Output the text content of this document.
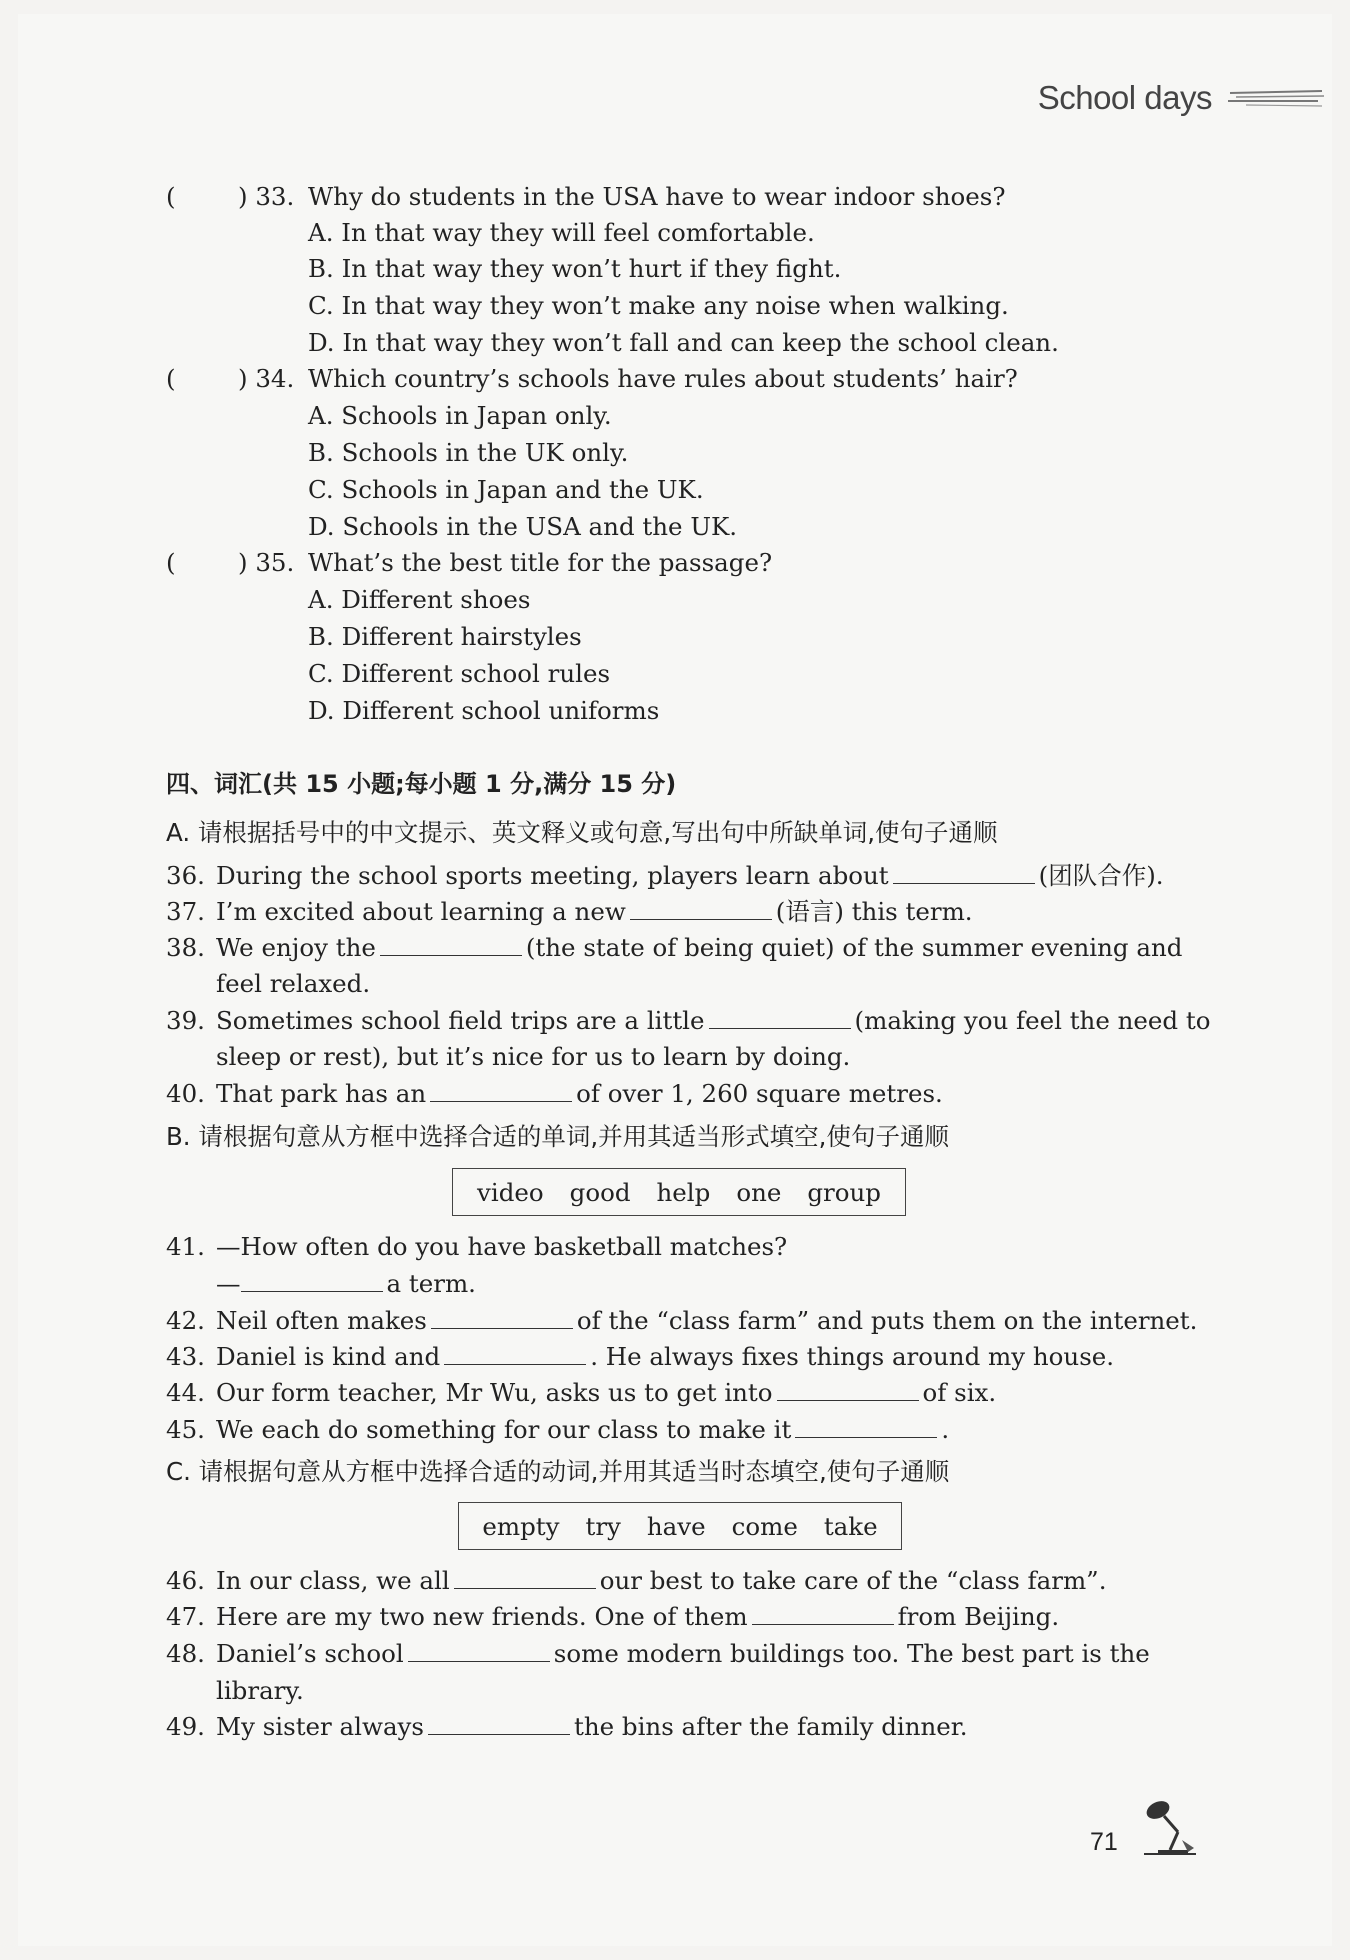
School days
(	) 33. Why do students in the USA have to wear indoor shoes?
A. In that way they will feel comfortable.
B. In that way they won’t hurt if they fight.
C. In that way they won’t make any noise when walking.
D. In that way they won’t fall and can keep the school clean.
(	) 34. Which country’s schools have rules about students’ hair?
A. Schools in Japan only.
B. Schools in the UK only.
C. Schools in Japan and the UK.
D. Schools in the USA and the UK.
(	) 35. What’s the best title for the passage?
A. Different shoes
B. Different hairstyles
C. Different school rules
D. Different school uniforms
四、词汇(共 15 小题;每小题 1 分,满分 15 分)
A. 请根据括号中的中文提示、英文释义或句意,写出句中所缺单词,使句子通顺
36. During the school sports meeting, players learn about	(团队合作).
37. I’m excited about learning a new	(语言) this term.
38. We enjoy the	(the state of being quiet) of the summer evening and
feel relaxed.
39. Sometimes school field trips are a little	(making you feel the need to
sleep or rest), but it’s nice for us to learn by doing.
40. That park has an	of over 1, 260 square metres.
B. 请根据句意从方框中选择合适的单词,并用其适当形式填空,使句子通顺
video good help one group
41. —How often do you have basketball matches?
—	a term.
42. Neil often makes	of the “class farm” and puts them on the internet.
43. Daniel is kind and	. He always fixes things around my house.
44. Our form teacher, Mr Wu, asks us to get into	of six.
45. We each do something for our class to make it	.
C. 请根据句意从方框中选择合适的动词,并用其适当时态填空,使句子通顺
empty try have come take
46. In our class, we all	our best to take care of the “class farm”.
47. Here are my two new friends. One of them	from Beijing.
48. Daniel’s school	some modern buildings too. The best part is the
library.
49. My sister always	the bins after the family dinner.
71
